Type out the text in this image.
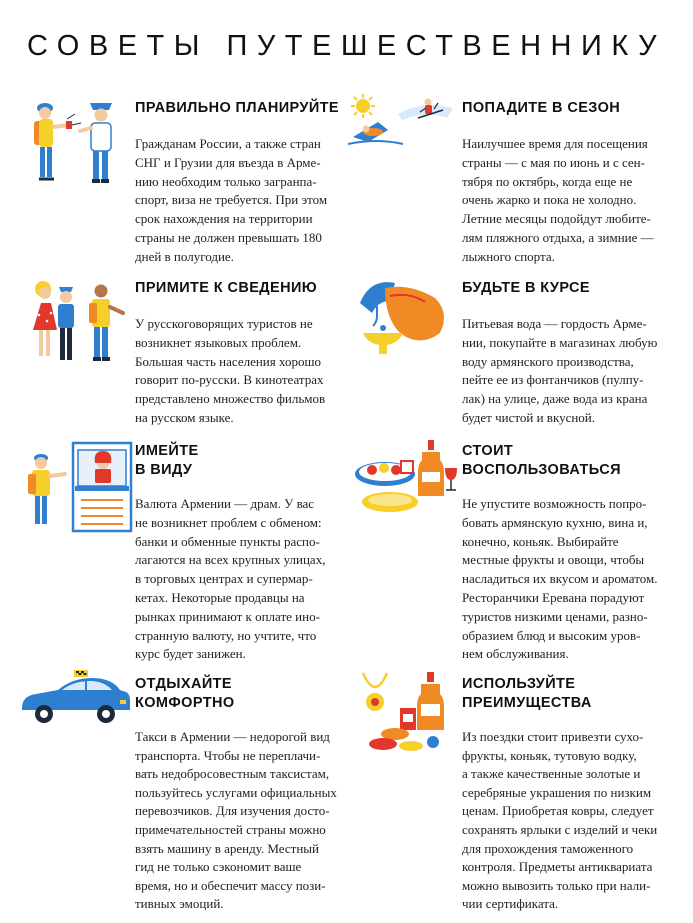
СОВЕТЫ ПУТЕШЕСТВЕННИКУ
ПРАВИЛЬНО ПЛАНИРУЙТЕ

Гражданам России, а также стран
СНГ и Грузии для въезда в Арме-
нию необходим только загранпа-
спорт, виза не требуется. При этом
срок нахождения на территории
страны не должен превышать 180
дней в полугодие.

ПОПАДИТЕ В СЕЗОН

Наилучшее время для посещения
страны — с мая по июнь и с сен-
тября по октябрь, когда еще не
очень жарко и пока не холодно.
Летние месяцы подойдут любите-
лям пляжного отдыха, а зимние —
лыжного спорта.

ПРИМИТЕ К СВЕДЕНИЮ

У русскоговорящих туристов не
возникнет языковых проблем.
Большая часть населения хорошо
говорит по-русски. В кинотеатрах
представлено множество фильмов
на русском языке.

БУДЬТЕ В КУРСЕ

Питьевая вода — гордость Арме-
нии, покупайте в магазинах любую
воду армянского производства,
пейте ее из фонтанчиков (пулпу-
лак) на улице, даже вода из крана
будет чистой и вкусной.

ИМЕЙТЕ
В ВИДУ

Валюта Армении — драм. У вас
не возникнет проблем с обменом:
банки и обменные пункты распо-
лагаются на всех крупных улицах,
в торговых центрах и супермар-
кетах. Некоторые продавцы на
рынках принимают к оплате ино-
странную валюту, но учтите, что
курс будет занижен.

СТОИТ
ВОСПОЛЬЗОВАТЬСЯ

Не упустите возможность попро-
бовать армянскую кухню, вина и,
конечно, коньяк. Выбирайте
местные фрукты и овощи, чтобы
насладиться их вкусом и ароматом.
Ресторанчики Еревана порадуют
туристов низкими ценами, разно-
образием блюд и высоким уров-
нем обслуживания.

ОТДЫХАЙТЕ
КОМФОРТНО

Такси в Армении — недорогой вид
транспорта. Чтобы не переплачи-
вать недобросовестным таксистам,
пользуйтесь услугами официальных
перевозчиков. Для изучения досто-
примечательностей страны можно
взять машину в аренду. Местный
гид не только сэкономит ваше
время, но и обеспечит массу пози-
тивных эмоций.

ИСПОЛЬЗУЙТЕ
ПРЕИМУЩЕСТВА

Из поездки стоит привезти сухо-
фрукты, коньяк, тутовую водку,
а также качественные золотые и
серебряные украшения по низким
ценам. Приобретая ковры, следует
сохранять ярлыки с изделий и чеки
для прохождения таможенного
контроля. Предметы антиквариата
можно вывозить только при нали-
чии сертификата.
